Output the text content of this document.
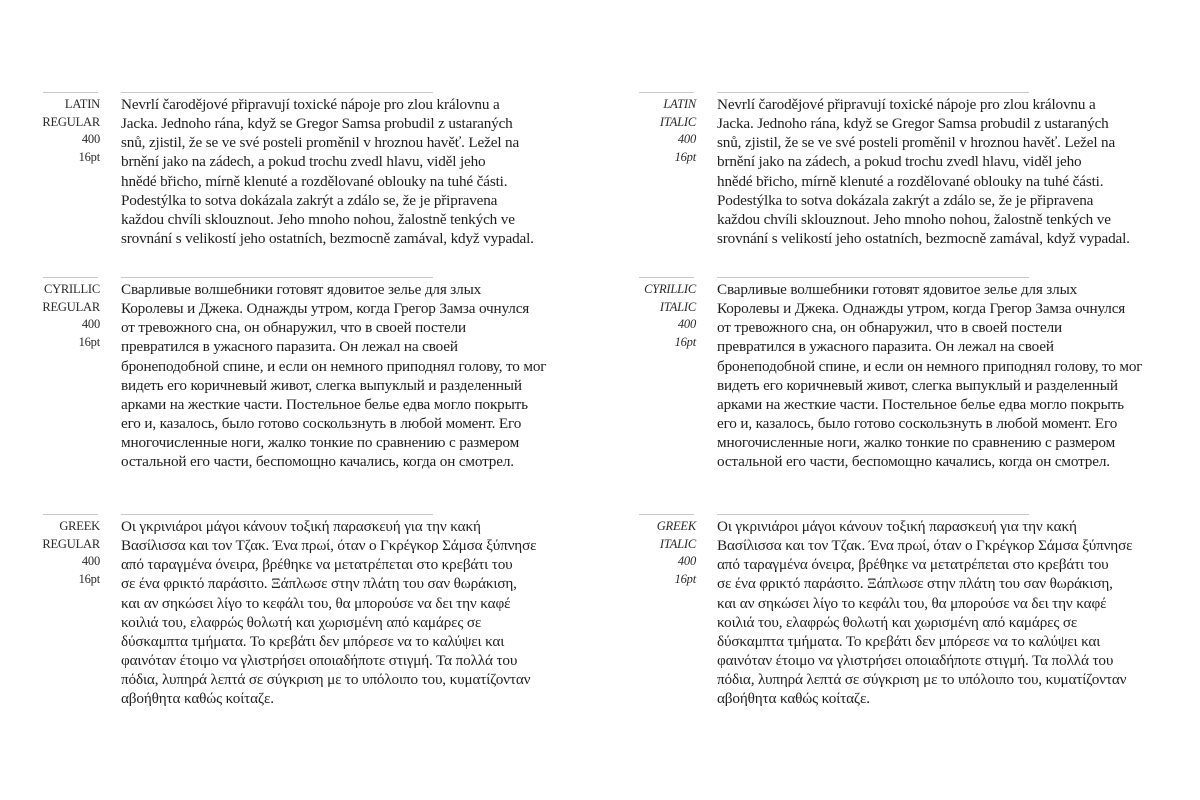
LATIN
REGULAR
400
16pt
Nevrlí čarodějové připravují toxické nápoje pro zlou královnu a
Jacka. Jednoho rána, když se Gregor Samsa probudil z ustaraných
snů, zjistil, že se ve své posteli proměnil v hroznou havěť. Ležel na
brnění jako na zádech, a pokud trochu zvedl hlavu, viděl jeho
hnědé břicho, mírně klenuté a rozdělované oblouky na tuhé části.
Podestýlka to sotva dokázala zakrýt a zdálo se, že je připravena
každou chvíli sklouznout. Jeho mnoho nohou, žalostně tenkých ve
srovnání s velikostí jeho ostatních, bezmocně zamával, když vypadal.
CYRILLIC
REGULAR
400
16pt
Сварливые волшебники готовят ядовитое зелье для злых
Королевы и Джека. Однажды утром, когда Грегор Замза очнулся
от тревожного сна, он обнаружил, что в своей постели
превратился в ужасного паразита. Он лежал на своей
бронеподобной спине, и если он немного приподнял голову, то мог
видеть его коричневый живот, слегка выпуклый и разделенный
арками на жесткие части. Постельное белье едва могло покрыть
его и, казалось, было готово соскользнуть в любой момент. Его
многочисленные ноги, жалко тонкие по сравнению с размером
остальной его части, беспомощно качались, когда он смотрел.
GREEK
REGULAR
400
16pt
Οι γκρινιάροι μάγοι κάνουν τοξική παρασκευή για την κακή
Βασίλισσα και τον Τζακ. Ένα πρωί, όταν ο Γκρέγκορ Σάμσα ξύπνησε
από ταραγμένα όνειρα, βρέθηκε να μετατρέπεται στο κρεβάτι του
σε ένα φρικτό παράσιτο. Ξάπλωσε στην πλάτη του σαν θωράκιση,
και αν σηκώσει λίγο το κεφάλι του, θα μπορούσε να δει την καφέ
κοιλιά του, ελαφρώς θολωτή και χωρισμένη από καμάρες σε
δύσκαμπτα τμήματα. Το κρεβάτι δεν μπόρεσε να το καλύψει και
φαινόταν έτοιμο να γλιστρήσει οποιαδήποτε στιγμή. Τα πολλά του
πόδια, λυπηρά λεπτά σε σύγκριση με το υπόλοιπο του, κυματίζονταν
αβοήθητα καθώς κοίταζε.
LATIN
ITALIC
400
16pt
Nevrlí čarodějové připravují toxické nápoje pro zlou královnu a
Jacka. Jednoho rána, když se Gregor Samsa probudil z ustaraných
snů, zjistil, že se ve své posteli proměnil v hroznou havěť. Ležel na
brnění jako na zádech, a pokud trochu zvedl hlavu, viděl jeho
hnědé břicho, mírně klenuté a rozdělované oblouky na tuhé části.
Podestýlka to sotva dokázala zakrýt a zdálo se, že je připravena
každou chvíli sklouznout. Jeho mnoho nohou, žalostně tenkých ve
srovnání s velikostí jeho ostatních, bezmocně zamával, když vypadal.
CYRILLIC
ITALIC
400
16pt
Сварливые волшебники готовят ядовитое зелье для злых
Королевы и Джека. Однажды утром, когда Грегор Замза очнулся
от тревожного сна, он обнаружил, что в своей постели
превратился в ужасного паразита. Он лежал на своей
бронеподобной спине, и если он немного приподнял голову, то мог
видеть его коричневый живот, слегка выпуклый и разделенный
арками на жесткие части. Постельное белье едва могло покрыть
его и, казалось, было готово соскользнуть в любой момент. Его
многочисленные ноги, жалко тонкие по сравнению с размером
остальной его части, беспомощно качались, когда он смотрел.
GREEK
ITALIC
400
16pt
Οι γκρινιάροι μάγοι κάνουν τοξική παρασκευή για την κακή
Βασίλισσα και τον Τζακ. Ένα πρωί, όταν ο Γκρέγκορ Σάμσα ξύπνησε
από ταραγμένα όνειρα, βρέθηκε να μετατρέπεται στο κρεβάτι του
σε ένα φρικτό παράσιτο. Ξάπλωσε στην πλάτη του σαν θωράκιση,
και αν σηκώσει λίγο το κεφάλι του, θα μπορούσε να δει την καφέ
κοιλιά του, ελαφρώς θολωτή και χωρισμένη από καμάρες σε
δύσκαμπτα τμήματα. Το κρεβάτι δεν μπόρεσε να το καλύψει και
φαινόταν έτοιμο να γλιστρήσει οποιαδήποτε στιγμή. Τα πολλά του
πόδια, λυπηρά λεπτά σε σύγκριση με το υπόλοιπο του, κυματίζονταν
αβοήθητα καθώς κοίταζε.
